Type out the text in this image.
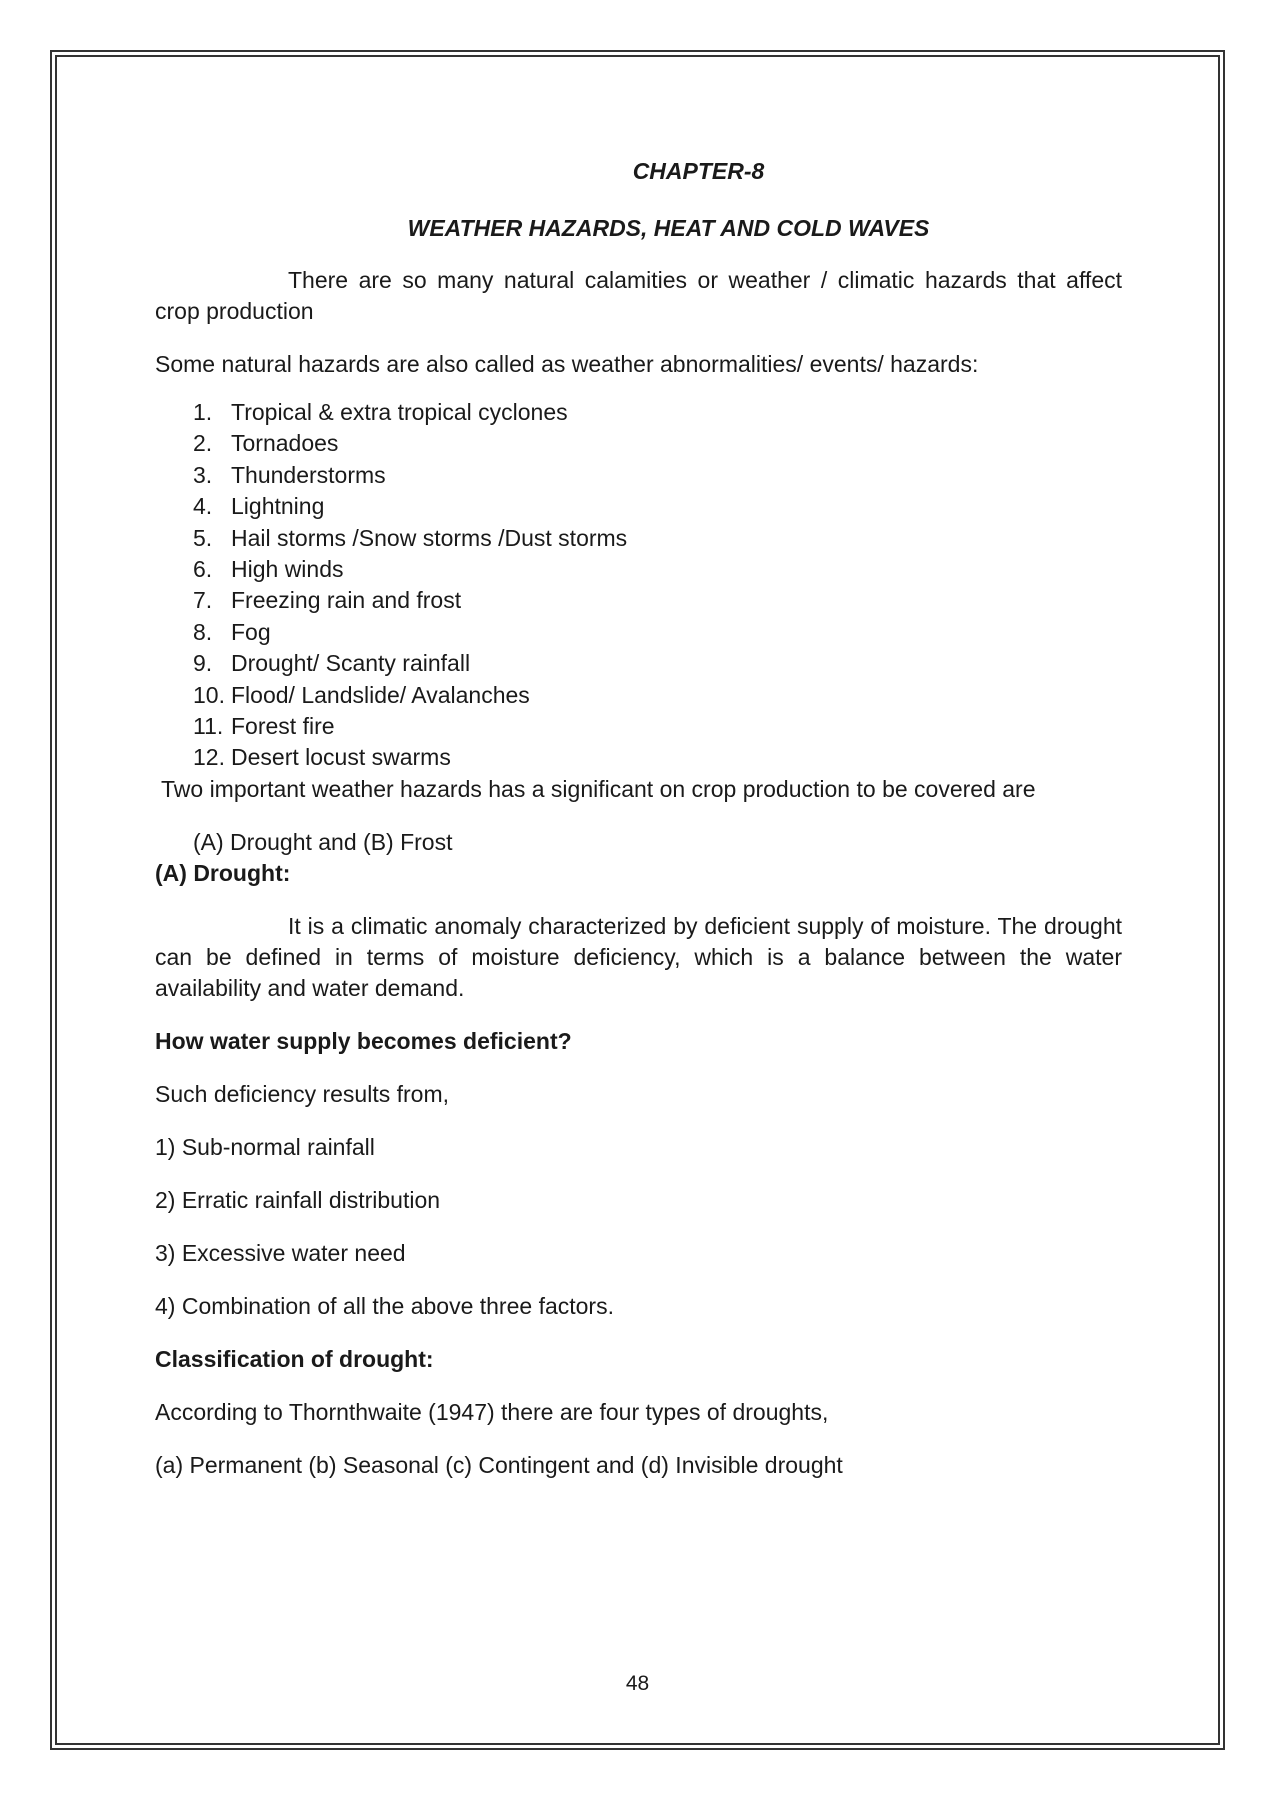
CHAPTER-8

WEATHER HAZARDS, HEAT AND COLD WAVES

There are so many natural calamities or weather / climatic hazards that affect crop production

Some natural hazards are also called as weather abnormalities/ events/ hazards:

1. Tropical & extra tropical cyclones
2. Tornadoes
3. Thunderstorms
4. Lightning
5. Hail storms /Snow storms /Dust storms
6. High winds
7. Freezing rain and frost
8. Fog
9. Drought/ Scanty rainfall
10. Flood/ Landslide/ Avalanches
11. Forest fire
12. Desert locust swarms

Two important weather hazards has a significant on crop production to be covered are

(A) Drought and (B) Frost

(A) Drought:

It is a climatic anomaly characterized by deficient supply of moisture. The drought can be defined in terms of moisture deficiency, which is a balance between the water availability and water demand.

How water supply becomes deficient?

Such deficiency results from,

1) Sub-normal rainfall

2) Erratic rainfall distribution

3) Excessive water need

4) Combination of all the above three factors.

Classification of drought:

According to Thornthwaite (1947) there are four types of droughts,

(a) Permanent (b) Seasonal (c) Contingent and (d) Invisible drought

48
